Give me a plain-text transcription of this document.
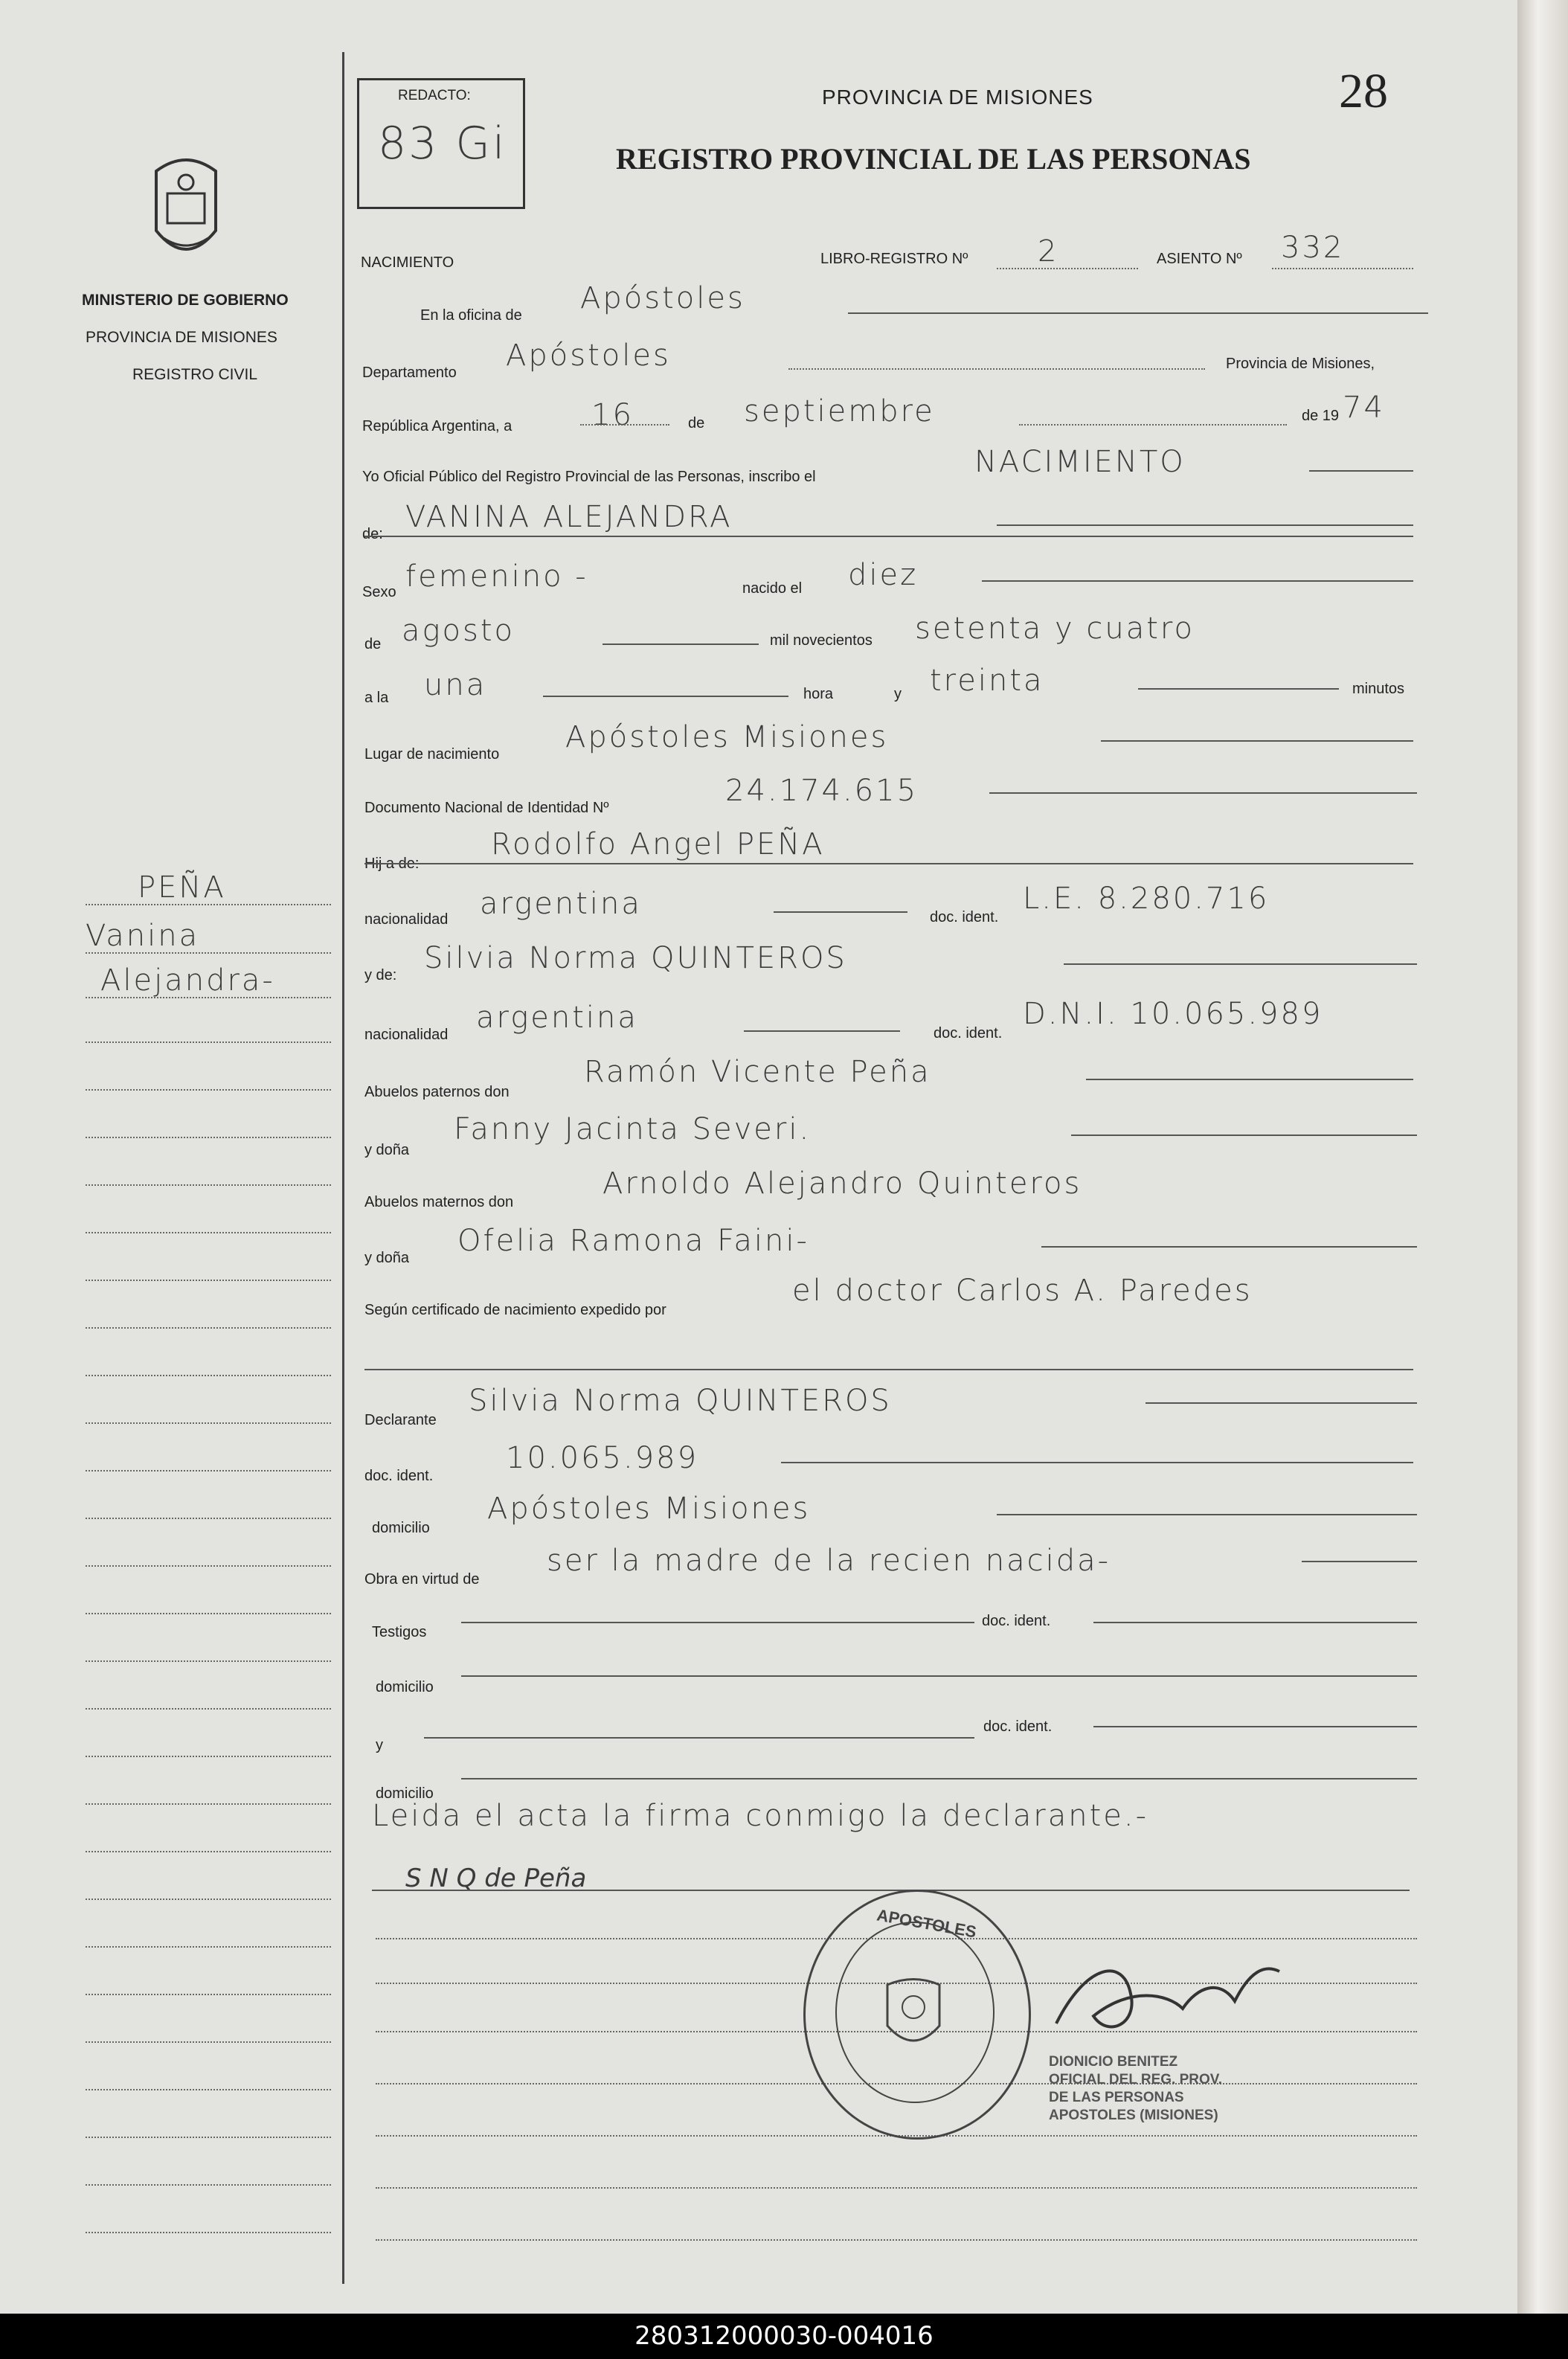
MINISTERIO DE GOBIERNO
PROVINCIA DE MISIONES
REGISTRO CIVIL
PEÑA
Vanina
Alejandra-
REDACTO:
83 Gi
PROVINCIA DE MISIONES
REGISTRO PROVINCIAL DE LAS PERSONAS
28
NACIMIENTO	LIBRO-REGISTRO Nº 2	ASIENTO Nº 332
En la oficina de Apóstoles
Departamento Apóstoles	Provincia de Misiones,
República Argentina, a	16	de septiembre	de 19 74
Yo Oficial Público del Registro Provincial de las Personas, inscribo el	NACIMIENTO
de: VANINA ALEJANDRA
Sexo femenino -	nacido el diez
de agosto	mil novecientos setenta y cuatro
a la una	hora	y treinta	minutos
Lugar de nacimiento Apóstoles Misiones
Documento Nacional de Identidad Nº	24.174.615
Hij a de:
Rodolfo Angel PEÑA
nacionalidad argentina	doc. ident.
L.E. 8.280.716
y de: Silvia Norma QUINTEROS
nacionalidad argentina	doc. ident.
D.N.I. 10.065.989
Abuelos paternos don
Ramón Vicente Peña
y doña
Fanny Jacinta Severi.
Abuelos maternos don
Arnoldo Alejandro Quinteros
y doña Ofelia Ramona Faini-
Según certificado de nacimiento expedido por
el doctor Carlos A. Paredes
Declarante
Silvia Norma QUINTEROS
doc. ident.
10.065.989
domicilio
Apóstoles Misiones
Obra en virtud de
ser la madre de la recien nacida-
Testigos
doc. ident.
domicilio
y
doc. ident.
domicilio
Leida el acta la firma conmigo la declarante.-
S N Q de Peña
APOSTOLES
DIONICIO BENITEZ
OFICIAL DEL REG. PROV.
DE LAS PERSONAS
APOSTOLES (MISIONES)
280312000030-004016
